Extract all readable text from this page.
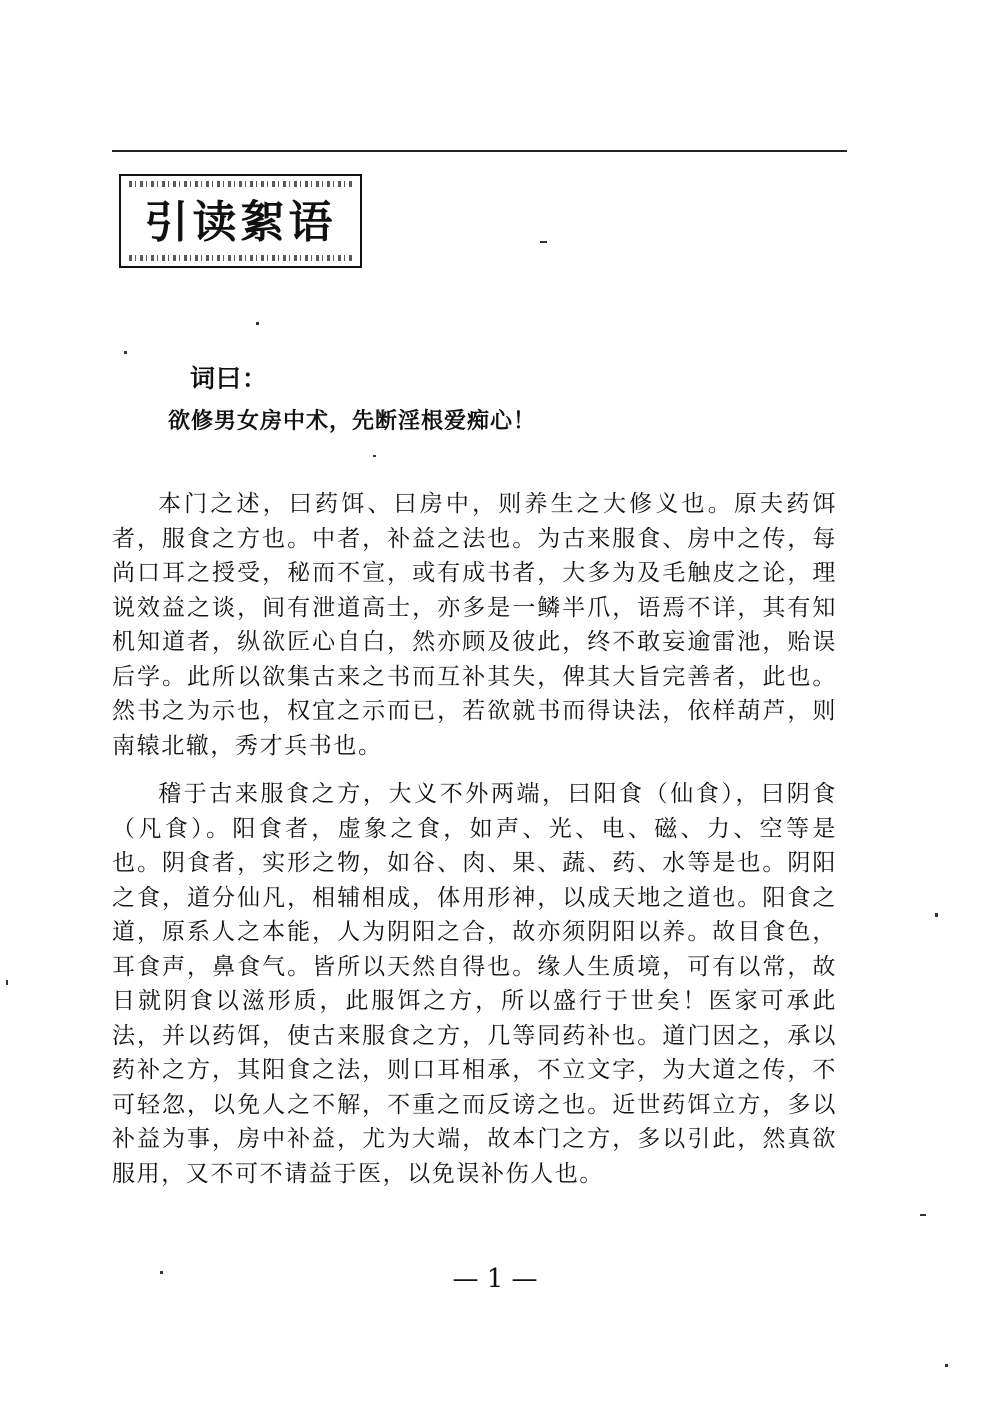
引读絮语
词曰：
欲修男女房中术，先断淫根爱痴心！

本门之述，曰药饵、曰房中，则养生之大修义也。原夫药饵者，服食之方也。中者，补益之法也。为古来服食、房中之传，每尚口耳之授受，秘而不宣，或有成书者，大多为及毛触皮之论，理说效益之谈，间有泄道高士，亦多是一鳞半爪，语焉不详，其有知机知道者，纵欲匠心自白，然亦顾及彼此，终不敢妄逾雷池，贻误后学。此所以欲集古来之书而互补其失，俾其大旨完善者，此也。然书之为示也，权宜之示而已，若欲就书而得诀法，依样葫芦，则南辕北辙，秀才兵书也。

稽于古来服食之方，大义不外两端，曰阳食（仙食），曰阴食（凡食）。阳食者，虚象之食，如声、光、电、磁、力、空等是也。阴食者，实形之物，如谷、肉、果、蔬、药、水等是也。阴阳之食，道分仙凡，相辅相成，体用形神，以成天地之道也。阳食之道，原系人之本能，人为阴阳之合，故亦须阴阳以养。故目食色，耳食声，鼻食气。皆所以天然自得也。缘人生质境，可有以常，故日就阴食以滋形质，此服饵之方，所以盛行于世矣！医家可承此法，并以药饵，使古来服食之方，几等同药补也。道门因之，承以药补之方，其阳食之法，则口耳相承，不立文字，为大道之传，不可轻忽，以免人之不解，不重之而反谤之也。近世药饵立方，多以补益为事，房中补益，尤为大端，故本门之方，多以引此，然真欲服用，又不可不请益于医，以免误补伤人也。

— 1 —
